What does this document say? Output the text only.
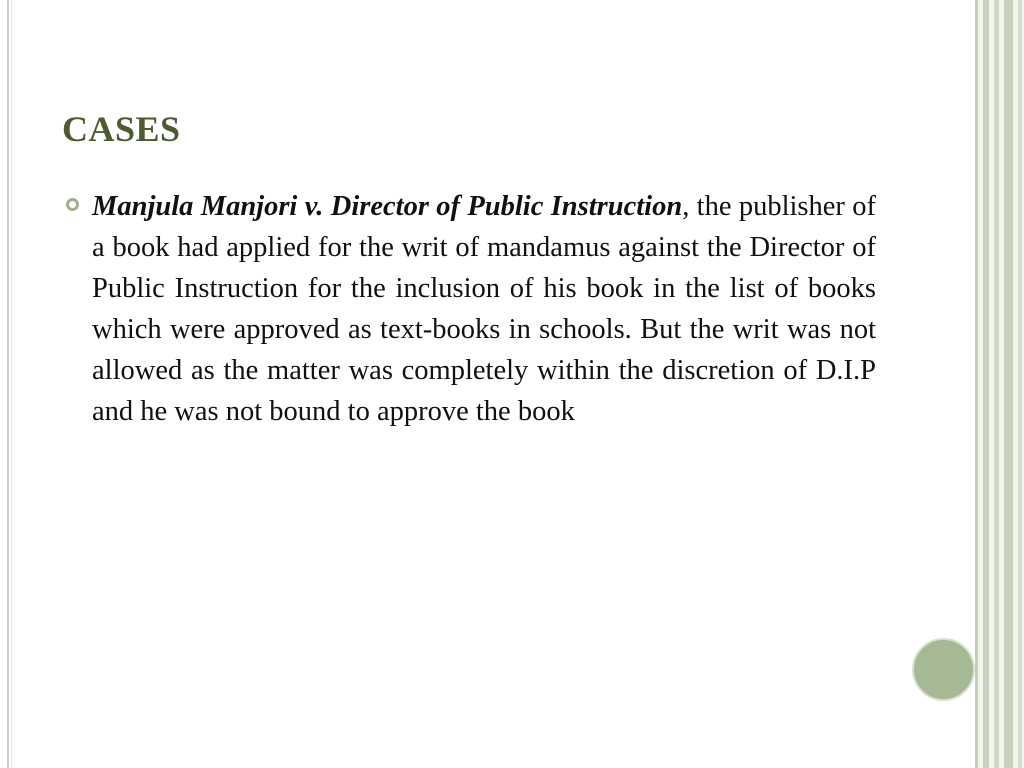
CASES

Manjula Manjori v. Director of Public Instruction, the publisher of a book had applied for the writ of mandamus against the Director of Public Instruction for the inclusion of his book in the list of books which were approved as text-books in schools. But the writ was not allowed as the matter was completely within the discretion of D.I.P and he was not bound to approve the book
